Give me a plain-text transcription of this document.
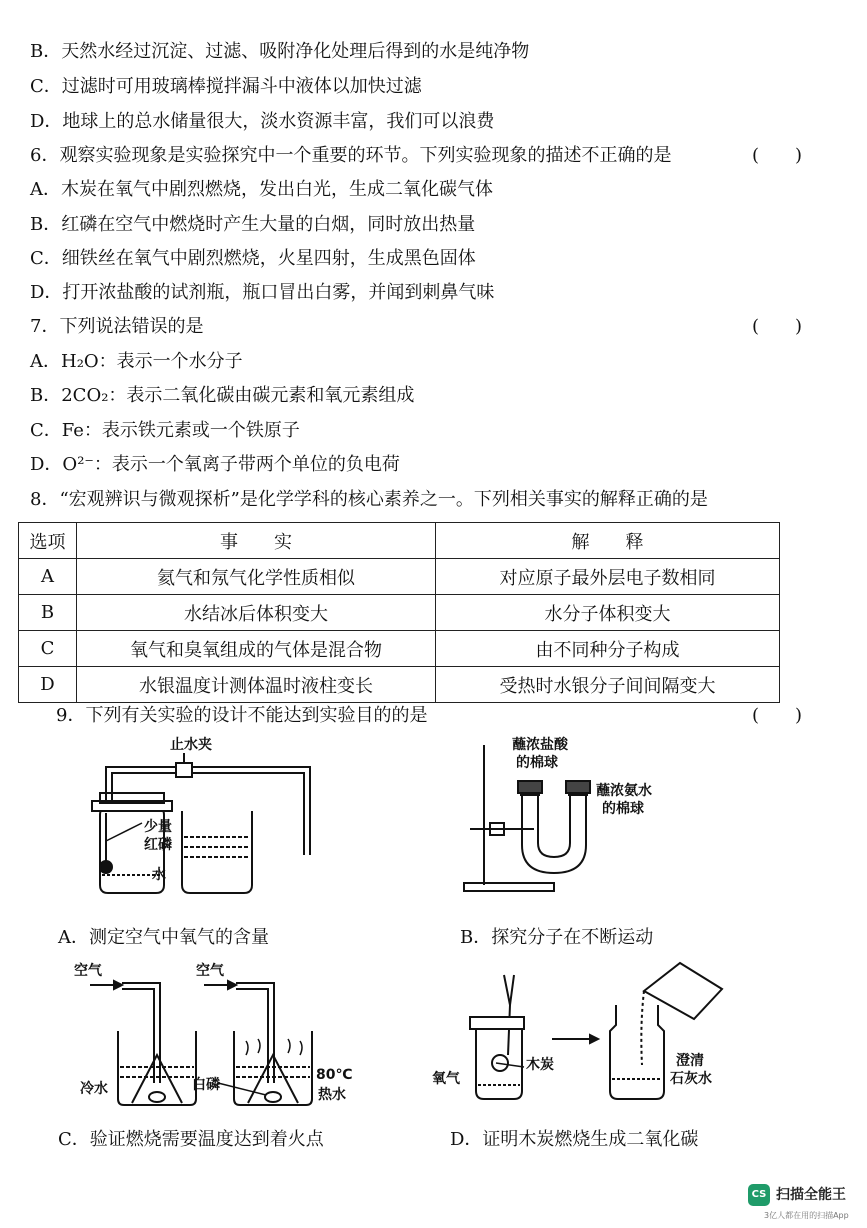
B．天然水经过沉淀、过滤、吸附净化处理后得到的水是纯净物
C．过滤时可用玻璃棒搅拌漏斗中液体以加快过滤
D．地球上的总水储量很大，淡水资源丰富，我们可以浪费
6．观察实验现象是实验探究中一个重要的环节。下列实验现象的描述不正确的是	(　　)
A．木炭在氧气中剧烈燃烧，发出白光，生成二氧化碳气体
B．红磷在空气中燃烧时产生大量的白烟，同时放出热量
C．细铁丝在氧气中剧烈燃烧，火星四射，生成黑色固体
D．打开浓盐酸的试剂瓶，瓶口冒出白雾，并闻到刺鼻气味
7．下列说法错误的是	(　　)
A．H₂O：表示一个水分子
B．2CO₂：表示二氧化碳由碳元素和氧元素组成
C．Fe：表示铁元素或一个铁原子
D．O²⁻：表示一个氧离子带两个单位的负电荷
8．“宏观辨识与微观探析”是化学学科的核心素养之一。下列相关事实的解释正确的是
选项	事　　实	解　　释
A	氦气和氖气化学性质相似	对应原子最外层电子数相同
B	水结冰后体积变大	水分子体积变大
C	氧气和臭氧组成的气体是混合物	由不同种分子构成
D	水银温度计测体温时液柱变长	受热时水银分子间间隔变大
9．下列有关实验的设计不能达到实验目的的是	(　　)
止水夹
少量
红磷
水
蘸浓盐酸
的棉球
蘸浓氨水
的棉球
A．测定空气中氧气的含量	B．探究分子在不断运动
空气	空气
冷水	白磷
80℃
热水
木炭
氧气
澄清
石灰水
C．验证燃烧需要温度达到着火点	D．证明木炭燃烧生成二氧化碳
CS 扫描全能王
3亿人都在用的扫描App
